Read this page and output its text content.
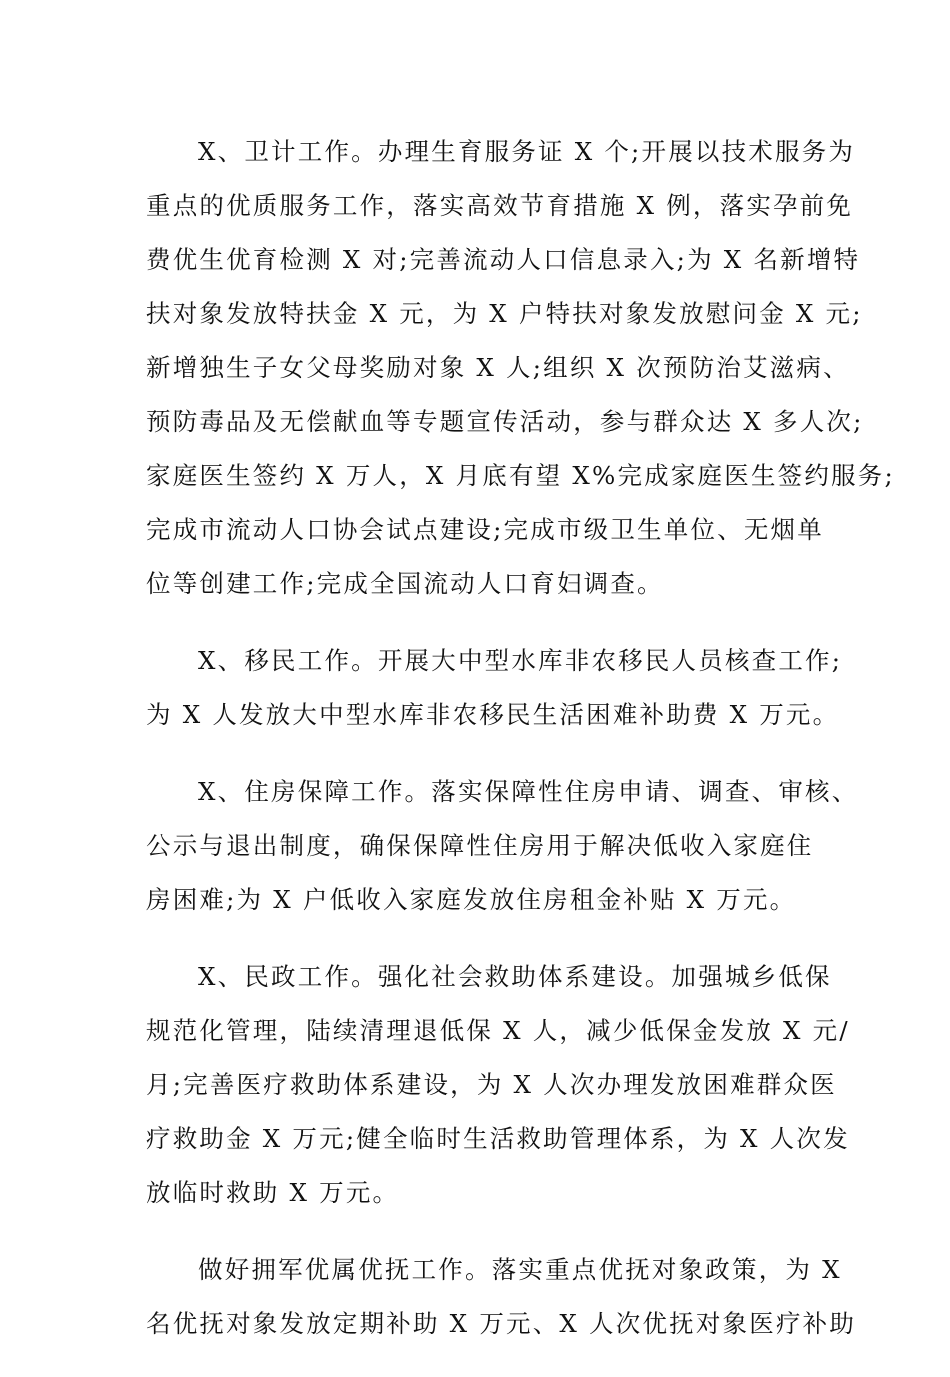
X、卫计工作。办理生育服务证 X 个;开展以技术服务为
重点的优质服务工作，落实高效节育措施 X 例，落实孕前免
费优生优育检测 X 对;完善流动人口信息录入;为 X 名新增特
扶对象发放特扶金 X 元，为 X 户特扶对象发放慰问金 X 元;
新增独生子女父母奖励对象 X 人;组织 X 次预防治艾滋病、
预防毒品及无偿献血等专题宣传活动，参与群众达 X 多人次;
家庭医生签约 X 万人，X 月底有望 X%完成家庭医生签约服务;
完成市流动人口协会试点建设;完成市级卫生单位、无烟单
位等创建工作;完成全国流动人口育妇调查。

X、移民工作。开展大中型水库非农移民人员核查工作;
为 X 人发放大中型水库非农移民生活困难补助费 X 万元。

X、住房保障工作。落实保障性住房申请、调查、审核、
公示与退出制度，确保保障性住房用于解决低收入家庭住
房困难;为 X 户低收入家庭发放住房租金补贴 X 万元。

X、民政工作。强化社会救助体系建设。加强城乡低保
规范化管理，陆续清理退低保 X 人，减少低保金发放 X 元/
月;完善医疗救助体系建设，为 X 人次办理发放困难群众医
疗救助金 X 万元;健全临时生活救助管理体系，为 X 人次发
放临时救助 X 万元。

做好拥军优属优抚工作。落实重点优抚对象政策，为 X
名优抚对象发放定期补助 X 万元、X 人次优抚对象医疗补助
